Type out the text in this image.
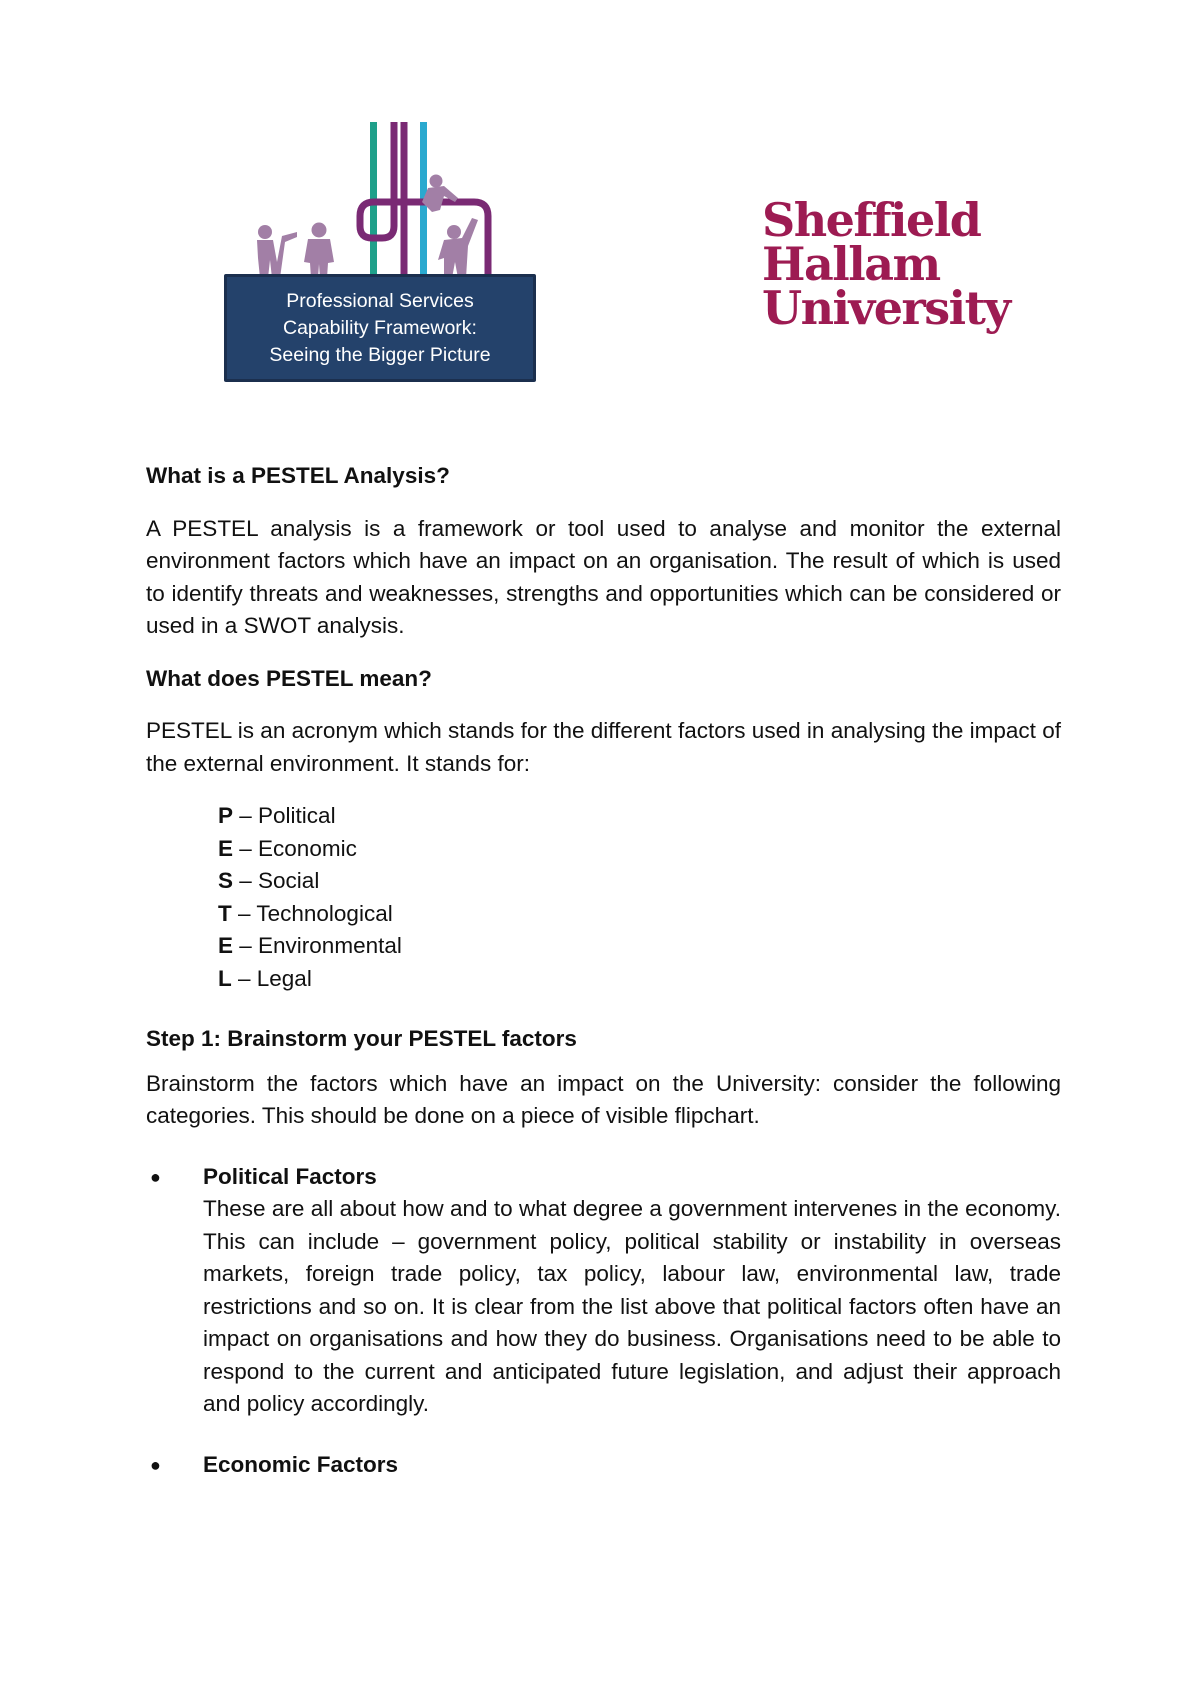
Professional Services
Capability Framework:
Seeing the Bigger Picture
Sheffield
Hallam
University
What is a PESTEL Analysis?

A PESTEL analysis is a framework or tool used to analyse and monitor the external environment factors which have an impact on an organisation. The result of which is used to identify threats and weaknesses, strengths and opportunities which can be considered or used in a SWOT analysis.

What does PESTEL mean?

PESTEL is an acronym which stands for the different factors used in analysing the impact of the external environment. It stands for:

P – Political
E – Economic
S – Social
T – Technological
E – Environmental
L – Legal
Step 1: Brainstorm your PESTEL factors

Brainstorm the factors which have an impact on the University: consider the following categories. This should be done on a piece of visible flipchart.

● Political Factors
These are all about how and to what degree a government intervenes in the economy. This can include – government policy, political stability or instability in overseas markets, foreign trade policy, tax policy, labour law, environmental law, trade restrictions and so on. It is clear from the list above that political factors often have an impact on organisations and how they do business. Organisations need to be able to respond to the current and anticipated future legislation, and adjust their approach and policy accordingly.
● Economic Factors
